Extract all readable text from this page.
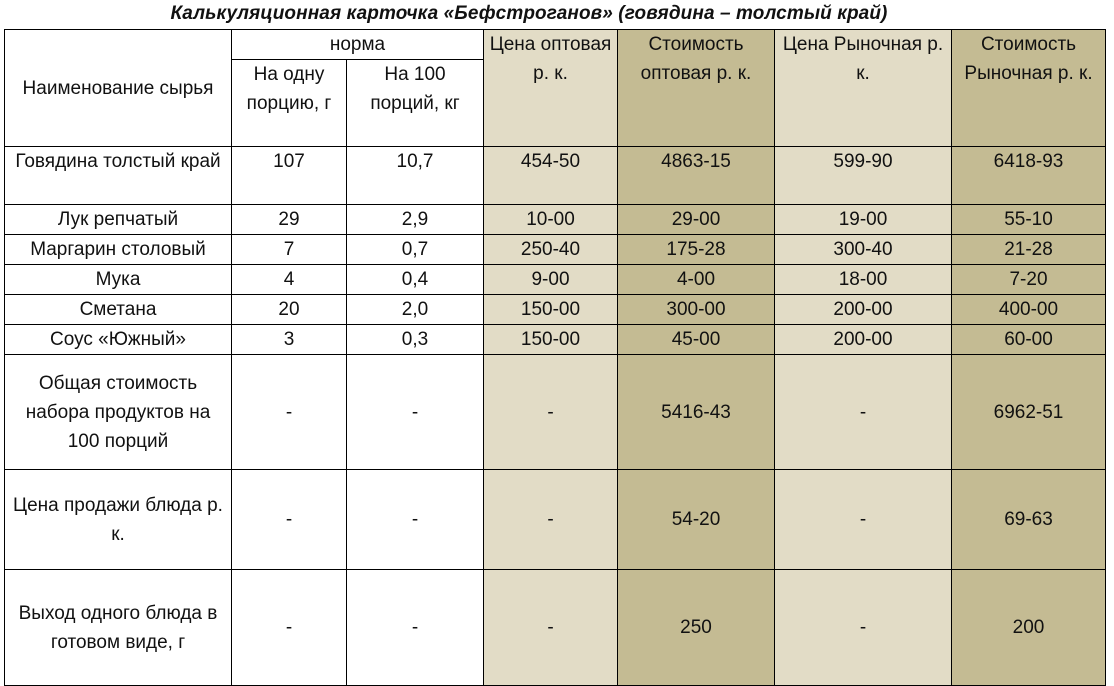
Калькуляционная карточка «Бефстроганов» (говядина – толстый край)
Наименование сырья	норма		Цена оптовая р. к.	Стоимость оптовая р. к.	Цена Рыночная р. к.	Стоимость Рыночная р. к.
	На одну порцию, г	На 100 порций, кг				
Говядина толстый край	107	10,7	454-50	4863-15	599-90	6418-93
Лук репчатый	29	2,9	10-00	29-00	19-00	55-10
Маргарин столовый	7	0,7	250-40	175-28	300-40	21-28
Мука	4	0,4	9-00	4-00	18-00	7-20
Сметана	20	2,0	150-00	300-00	200-00	400-00
Соус «Южный»	3	0,3	150-00	45-00	200-00	60-00
Общая стоимость набора продуктов на 100 порций	-	-	-	5416-43	-	6962-51
Цена продажи блюда р. к.	-	-	-	54-20	-	69-63
Выход одного блюда в готовом виде, г	-	-	-	250	-	200
